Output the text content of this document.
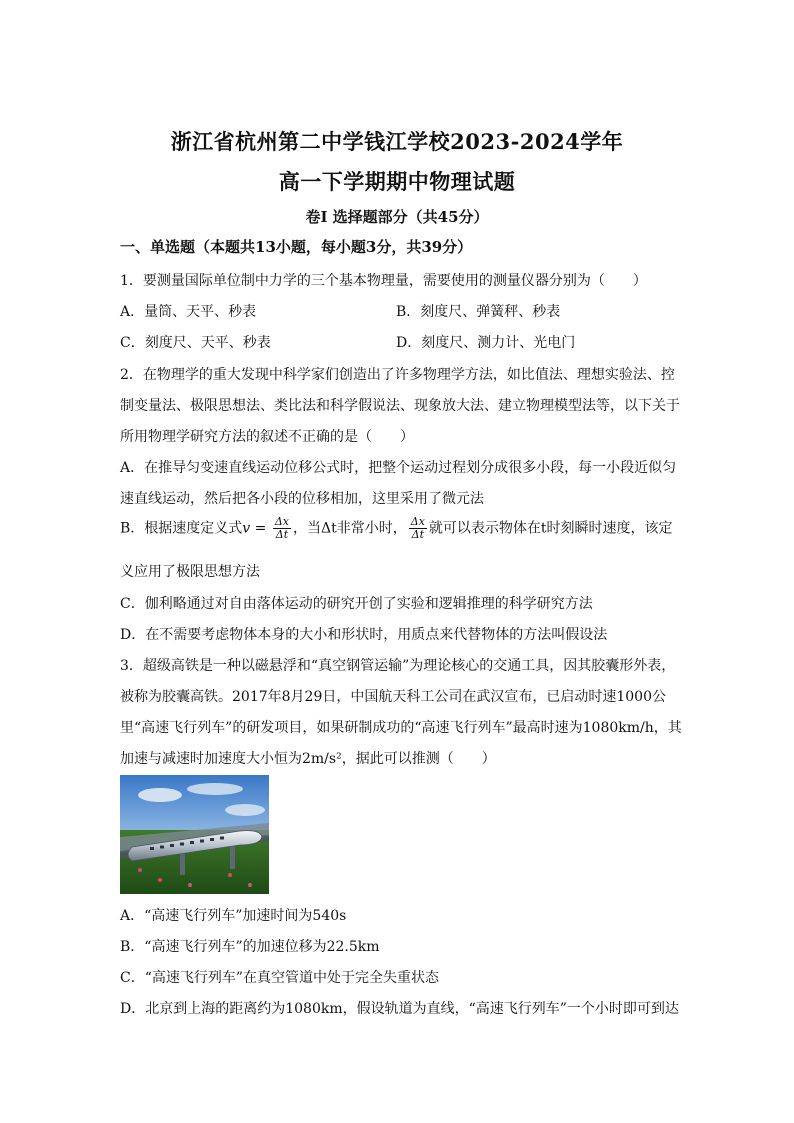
浙江省杭州第二中学钱江学校2023-2024学年
高一下学期期中物理试题
卷I 选择题部分（共45分）
一、单选题（本题共13小题，每小题3分，共39分）
1．要测量国际单位制中力学的三个基本物理量，需要使用的测量仪器分别为（　　）
A．量筒、天平、秒表	B．刻度尺、弹簧秤、秒表
C．刻度尺、天平、秒表	D．刻度尺、测力计、光电门
2．在物理学的重大发现中科学家们创造出了许多物理学方法，如比值法、理想实验法、控
制变量法、极限思想法、类比法和科学假说法、现象放大法、建立物理模型法等，以下关于
所用物理学研究方法的叙述不正确的是（　　）
A．在推导匀变速直线运动位移公式时，把整个运动过程划分成很多小段，每一小段近似匀
速直线运动，然后把各小段的位移相加，这里采用了微元法
B．根据速度定义式$v = \frac{\Delta x}{\Delta t}$ ，当Δt非常小时， $\frac{\Delta x}{\Delta t}$ 就可以表示物体在t时刻瞬时速度，该定
义应用了极限思想方法
C．伽利略通过对自由落体运动的研究开创了实验和逻辑推理的科学研究方法
D．在不需要考虑物体本身的大小和形状时，用质点来代替物体的方法叫假设法
3．超级高铁是一种以磁悬浮和“真空钢管运输”为理论核心的交通工具，因其胶囊形外表，
被称为胶囊高铁。2017年8月29日，中国航天科工公司在武汉宣布，已启动时速1000公
里“高速飞行列车”的研发项目，如果研制成功的“高速飞行列车”最高时速为1080km/h，其
加速与减速时加速度大小恒为2m/s²，据此可以推测（　　）
A．“高速飞行列车”加速时间为540s
B．“高速飞行列车”的加速位移为22.5km
C．“高速飞行列车”在真空管道中处于完全失重状态
D．北京到上海的距离约为1080km，假设轨道为直线，“高速飞行列车”一个小时即可到达
